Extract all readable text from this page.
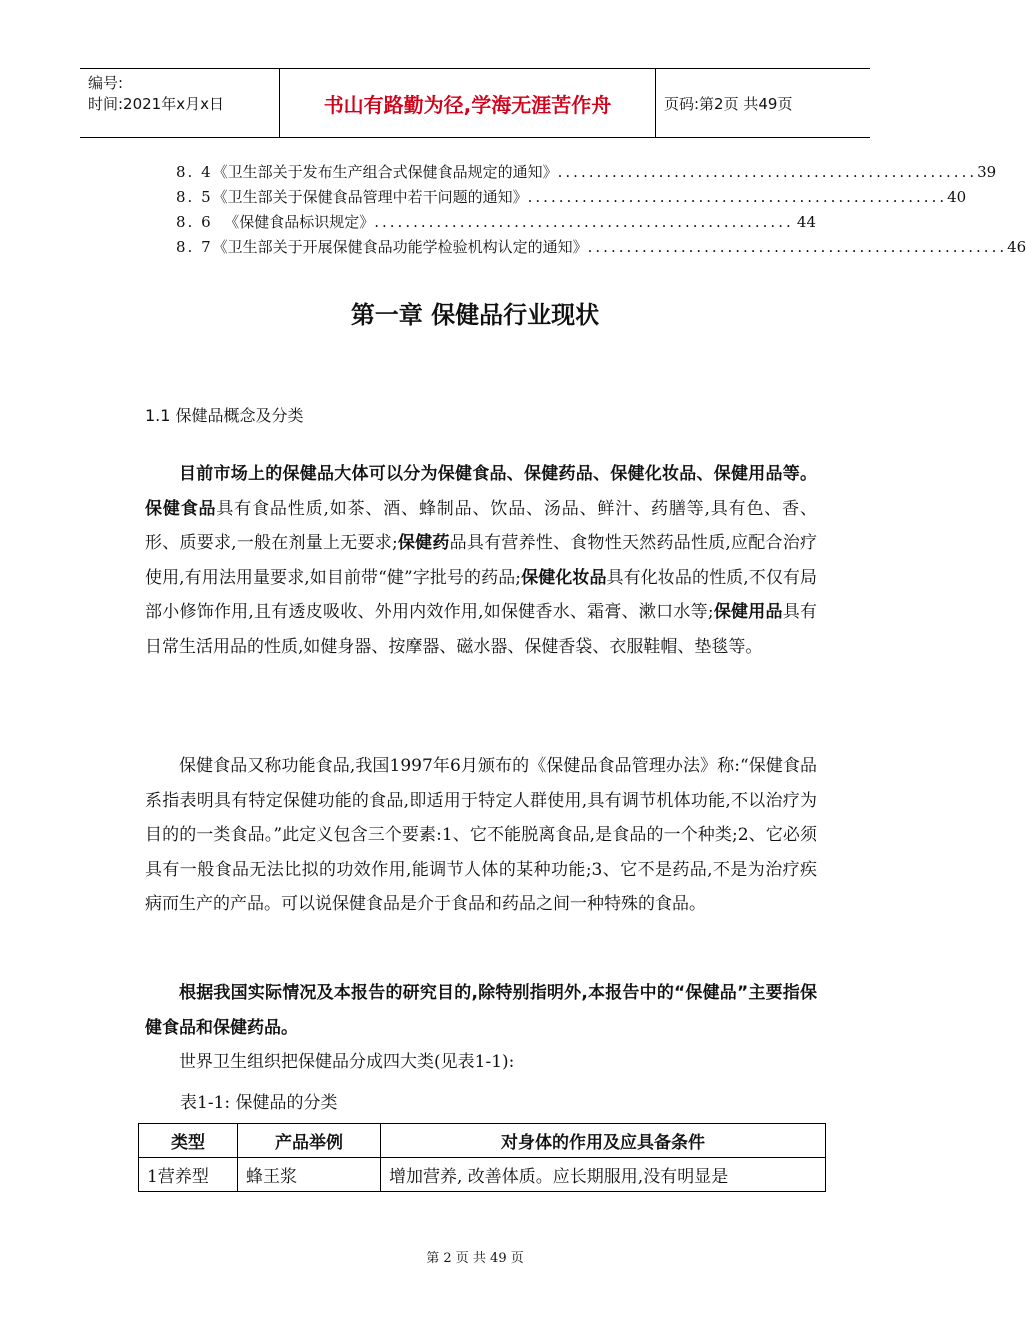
编号:
时间:2021年x月x日	书山有路勤为径,学海无涯苦作舟	页码:第2页 共49页
8. 4 《卫生部关于发布生产组合式保健食品规定的通知》 ...................................................... 39
8. 5 《卫生部关于保健食品管理中若干问题的通知》 ...................................................... 40
8. 6 《保健食品标识规定》 ...................................................... 44
8. 7 《卫生部关于开展保健食品功能学检验机构认定的通知》 ...................................................... 46
第一章 保健品行业现状
1.1 保健品概念及分类

目前市场上的保健品大体可以分为保健食品、保健药品、保健化妆品、保健用品等。保健食品具有食品性质,如茶、酒、蜂制品、饮品、汤品、鲜汁、药膳等,具有色、香、形、质要求,一般在剂量上无要求;保健药品具有营养性、食物性天然药品性质,应配合治疗使用,有用法用量要求,如目前带“健”字批号的药品;保健化妆品具有化妆品的性质,不仅有局部小修饰作用,且有透皮吸收、外用内效作用,如保健香水、霜膏、漱口水等;保健用品具有日常生活用品的性质,如健身器、按摩器、磁水器、保健香袋、衣服鞋帽、垫毯等。

保健食品又称功能食品,我国1997年6月颁布的《保健品食品管理办法》称:“保健食品系指表明具有特定保健功能的食品,即适用于特定人群使用,具有调节机体功能,不以治疗为目的的一类食品。”此定义包含三个要素:1、它不能脱离食品,是食品的一个种类;2、它必须具有一般食品无法比拟的功效作用,能调节人体的某种功能;3、它不是药品,不是为治疗疾病而生产的产品。可以说保健食品是介于食品和药品之间一种特殊的食品。

根据我国实际情况及本报告的研究目的,除特别指明外,本报告中的“保健品”主要指保健食品和保健药品。

世界卫生组织把保健品分成四大类(见表1-1):

表1-1: 保健品的分类
类型	产品举例	对身体的作用及应具备条件
1营养型	蜂王浆	增加营养, 改善体质。应长期服用,没有明显是
第 2 页 共 49 页
